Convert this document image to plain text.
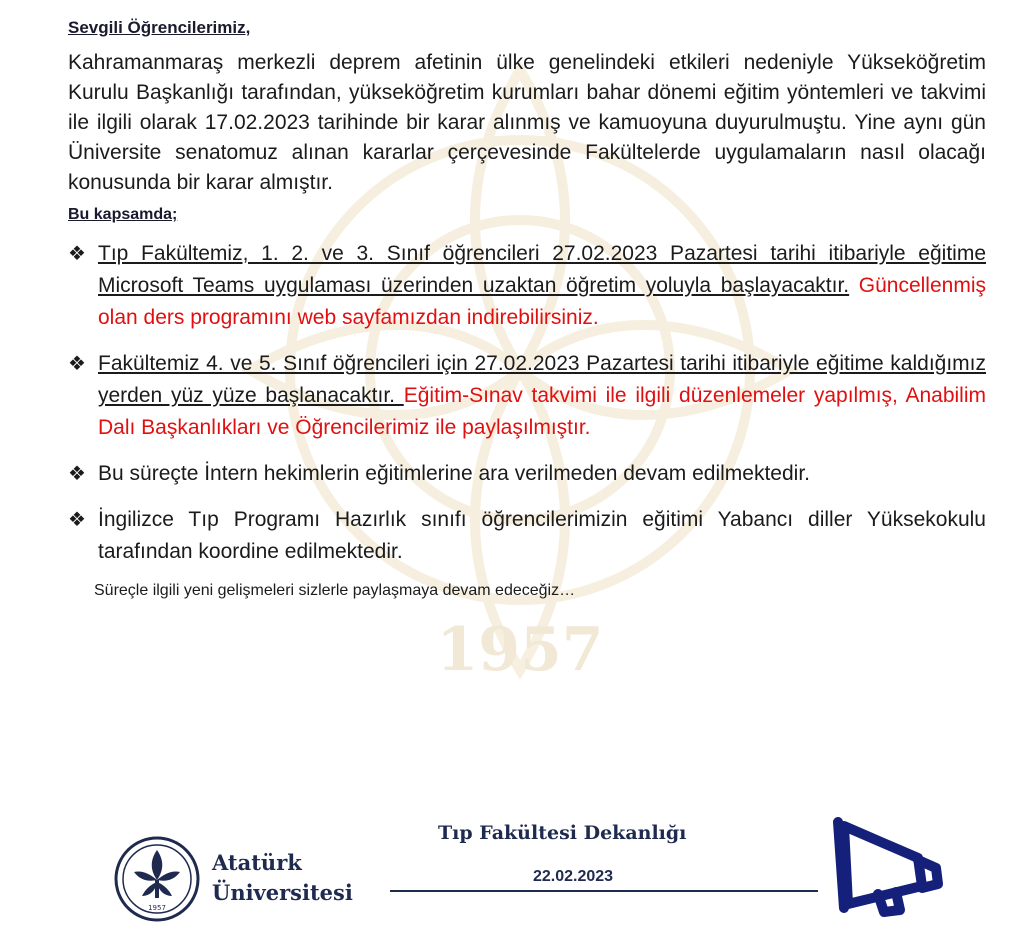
1957
Sevgili Öğrencilerimiz,

Kahramanmaraş merkezli deprem afetinin ülke genelindeki etkileri nedeniyle Yükseköğretim Kurulu Başkanlığı tarafından, yükseköğretim kurumları bahar dönemi eğitim yöntemleri ve takvimi ile ilgili olarak 17.02.2023 tarihinde bir karar alınmış ve kamuoyuna duyurulmuştu. Yine aynı gün Üniversite senatomuz alınan kararlar çerçevesinde Fakültelerde uygulamaların nasıl olacağı konusunda bir karar almıştır.

Bu kapsamda;
❖ Tıp Fakültemiz, 1. 2. ve 3. Sınıf öğrencileri 27.02.2023 Pazartesi tarihi itibariyle eğitime Microsoft Teams uygulaması üzerinden uzaktan öğretim yoluyla başlayacaktır. Güncellenmiş olan ders programını web sayfamızdan indirebilirsiniz.
❖ Fakültemiz 4. ve 5. Sınıf öğrencileri için 27.02.2023 Pazartesi tarihi itibariyle eğitime kaldığımız yerden yüz yüze başlanacaktır. Eğitim-Sınav takvimi ile ilgili düzenlemeler yapılmış, Anabilim Dalı Başkanlıkları ve Öğrencilerimiz ile paylaşılmıştır.
❖ Bu süreçte İntern hekimlerin eğitimlerine ara verilmeden devam edilmektedir.
❖ İngilizce Tıp Programı Hazırlık sınıfı öğrencilerimizin eğitimi Yabancı diller Yüksekokulu tarafından koordine edilmektedir.
Süreçle ilgili yeni gelişmeleri sizlerle paylaşmaya devam edeceğiz…
1957
Atatürk
Üniversitesi
Tıp Fakültesi Dekanlığı
22.02.2023
